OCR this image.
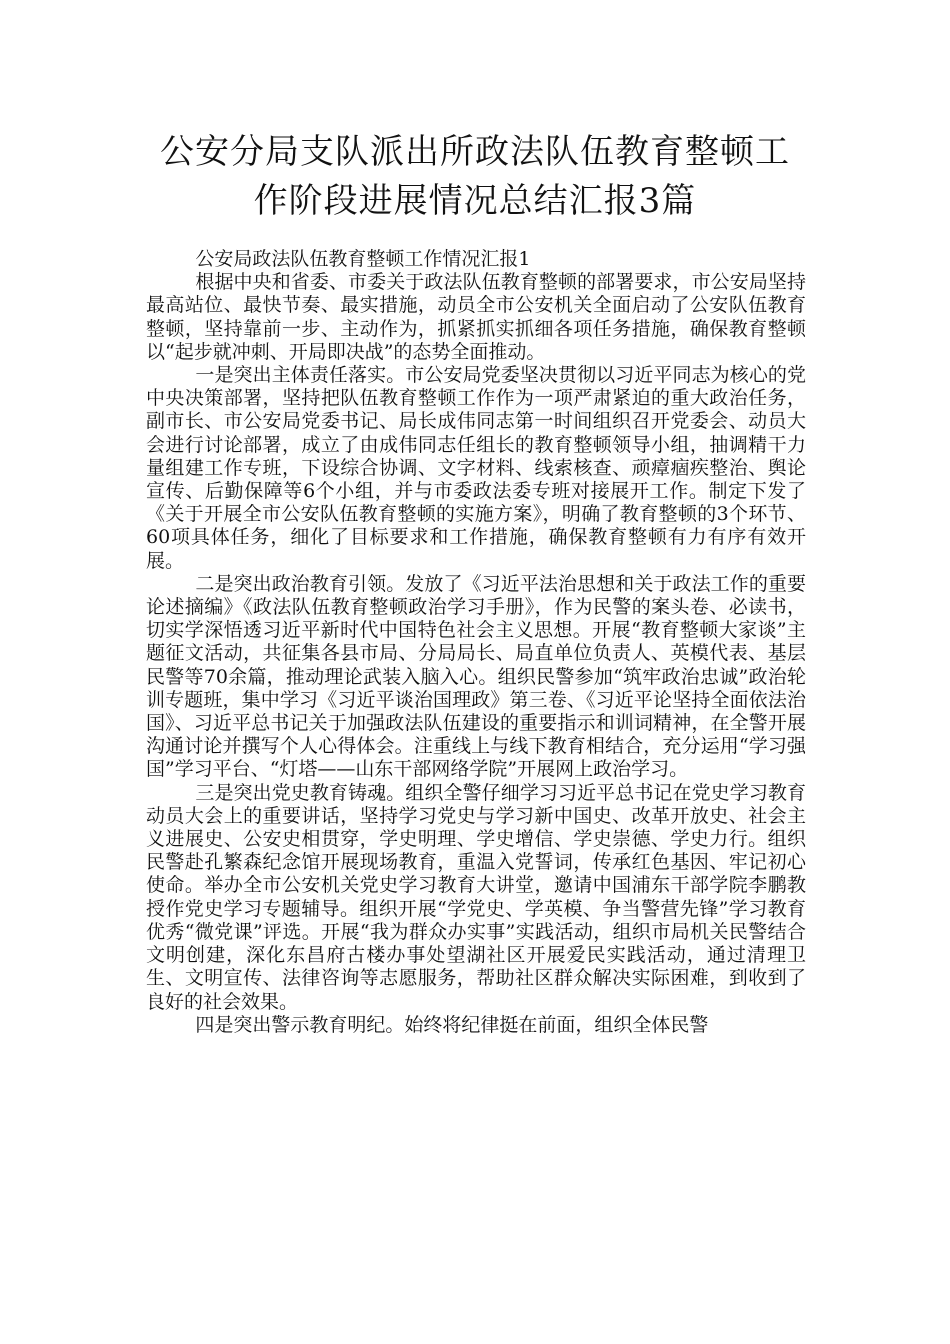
公安分局支队派出所政法队伍教育整顿工
作阶段进展情况总结汇报3篇

公安局政法队伍教育整顿工作情况汇报1

根据中央和省委、市委关于政法队伍教育整顿的部署要求，市公安局坚持最高站位、最快节奏、最实措施，动员全市公安机关全面启动了公安队伍教育整顿，坚持靠前一步、主动作为，抓紧抓实抓细各项任务措施，确保教育整顿以“起步就冲刺、开局即决战”的态势全面推动。

一是突出主体责任落实。市公安局党委坚决贯彻以习近平同志为核心的党中央决策部署，坚持把队伍教育整顿工作作为一项严肃紧迫的重大政治任务，副市长、市公安局党委书记、局长成伟同志第一时间组织召开党委会、动员大会进行讨论部署，成立了由成伟同志任组长的教育整顿领导小组，抽调精干力量组建工作专班，下设综合协调、文字材料、线索核查、顽瘴痼疾整治、舆论宣传、后勤保障等6个小组，并与市委政法委专班对接展开工作。制定下发了《关于开展全市公安队伍教育整顿的实施方案》，明确了教育整顿的3个环节、60项具体任务，细化了目标要求和工作措施，确保教育整顿有力有序有效开展。

二是突出政治教育引领。发放了《习近平法治思想和关于政法工作的重要论述摘编》《政法队伍教育整顿政治学习手册》，作为民警的案头卷、必读书，切实学深悟透习近平新时代中国特色社会主义思想。开展“教育整顿大家谈”主题征文活动，共征集各县市局、分局局长、局直单位负责人、英模代表、基层民警等70余篇，推动理论武装入脑入心。组织民警参加“筑牢政治忠诚”政治轮训专题班，集中学习《习近平谈治国理政》第三卷、《习近平论坚持全面依法治国》、习近平总书记关于加强政法队伍建设的重要指示和训词精神，在全警开展沟通讨论并撰写个人心得体会。注重线上与线下教育相结合，充分运用“学习强国”学习平台、“灯塔——山东干部网络学院”开展网上政治学习。

三是突出党史教育铸魂。组织全警仔细学习习近平总书记在党史学习教育动员大会上的重要讲话，坚持学习党史与学习新中国史、改革开放史、社会主义进展史、公安史相贯穿，学史明理、学史增信、学史崇德、学史力行。组织民警赴孔繁森纪念馆开展现场教育，重温入党誓词，传承红色基因、牢记初心使命。举办全市公安机关党史学习教育大讲堂，邀请中国浦东干部学院李鹏教授作党史学习专题辅导。组织开展“学党史、学英模、争当警营先锋”学习教育优秀“微党课”评选。开展“我为群众办实事”实践活动，组织市局机关民警结合文明创建，深化东昌府古楼办事处望湖社区开展爱民实践活动，通过清理卫生、文明宣传、法律咨询等志愿服务，帮助社区群众解决实际困难，到收到了良好的社会效果。

四是突出警示教育明纪。始终将纪律挺在前面，组织全体民警
